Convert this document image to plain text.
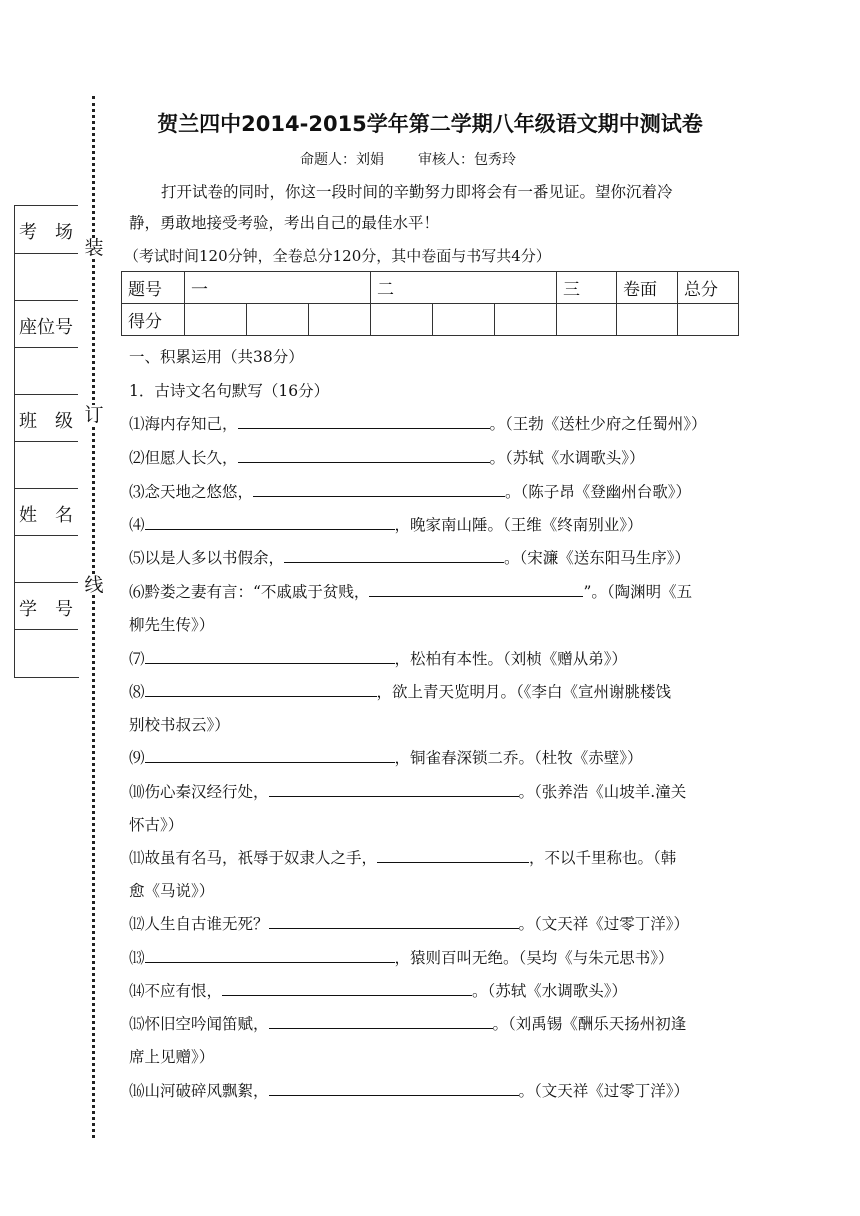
考　场
座位号
班　级
姓　名
学　号
装
订
线
贺兰四中2014-2015学年第二学期八年级语文期中测试卷
命题人：刘娟 审核人：包秀玲
打开试卷的同时，你这一段时间的辛勤努力即将会有一番见证。望你沉着冷
静，勇敢地接受考验，考出自己的最佳水平！
（考试时间120分钟，全卷总分120分，其中卷面与书写共4分）
题号	一			二			三	卷面	总分
得分									
一、积累运用（共38分）
1．古诗文名句默写（16分）
⑴海内存知己，	。（王勃《送杜少府之任蜀州》）
⑵但愿人长久，	。（苏轼《水调歌头》）
⑶念天地之悠悠，	。（陈子昂《登幽州台歌》）
⑷	，晚家南山陲。（王维《终南别业》）
⑸以是人多以书假余，	。（宋濂《送东阳马生序》）
⑹黔娄之妻有言：“不戚戚于贫贱，	”。（陶渊明《五
柳先生传》）
⑺	，松柏有本性。（刘桢《赠从弟》）
⑻	，欲上青天览明月。（《李白《宣州谢脁楼饯
别校书叔云》）
⑼	，铜雀春深锁二乔。（杜牧《赤壁》）
⑽伤心秦汉经行处，	。（张养浩《山坡羊.潼关
怀古》）
⑾故虽有名马，祇辱于奴隶人之手，	，不以千里称也。（韩
愈《马说》）
⑿人生自古谁无死？	。（文天祥《过零丁洋》）
⒀	，猿则百叫无绝。（吴均《与朱元思书》）
⒁不应有恨，	。（苏轼《水调歌头》）
⒂怀旧空吟闻笛赋，	。（刘禹锡《酬乐天扬州初逢
席上见赠》）
⒃山河破碎风飘絮，	。（文天祥《过零丁洋》）
